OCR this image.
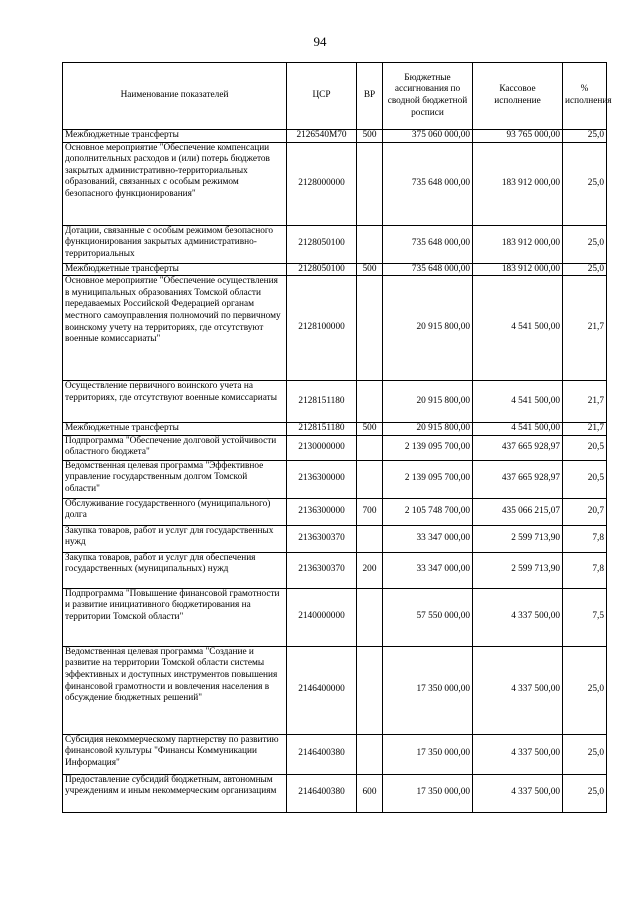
94
Наименование показателей	ЦСР	ВР	Бюджетные ассигнования по сводной бюджетной росписи	Кассовое исполнение	% исполнения
Межбюджетные трансферты	2126540М70	500	375 060 000,00	93 765 000,00	25,0
Основное мероприятие "Обеспечение компенсации дополнительных расходов и (или) потерь бюджетов закрытых административно-территориальных образований, связанных с особым режимом безопасного функционирования"	2128000000		735 648 000,00	183 912 000,00	25,0
Дотации, связанные с особым режимом безопасного функционирования закрытых административно-территориальных	2128050100		735 648 000,00	183 912 000,00	25,0
Межбюджетные трансферты	2128050100	500	735 648 000,00	183 912 000,00	25,0
Основное мероприятие "Обеспечение осуществления в муниципальных образованиях Томской области передаваемых Российской Федерацией органам местного самоуправления полномочий по первичному воинскому учету на территориях, где отсутствуют военные комиссариаты"	2128100000		20 915 800,00	4 541 500,00	21,7
Осуществление первичного воинского учета на территориях, где отсутствуют военные комиссариаты	2128151180		20 915 800,00	4 541 500,00	21,7
Межбюджетные трансферты	2128151180	500	20 915 800,00	4 541 500,00	21,7
Подпрограмма "Обеспечение долговой устойчивости областного бюджета"	2130000000		2 139 095 700,00	437 665 928,97	20,5
Ведомственная целевая программа "Эффективное управление государственным долгом Томской области"	2136300000		2 139 095 700,00	437 665 928,97	20,5
Обслуживание государственного (муниципального) долга	2136300000	700	2 105 748 700,00	435 066 215,07	20,7
Закупка товаров, работ и услуг для государственных нужд	2136300370		33 347 000,00	2 599 713,90	7,8
Закупка товаров, работ и услуг для обеспечения государственных (муниципальных) нужд	2136300370	200	33 347 000,00	2 599 713,90	7,8
Подпрограмма "Повышение финансовой грамотности и развитие инициативного бюджетирования на территории Томской области"	2140000000		57 550 000,00	4 337 500,00	7,5
Ведомственная целевая программа "Создание и развитие на территории Томской области системы эффективных и доступных инструментов повышения финансовой грамотности и вовлечения населения в обсуждение бюджетных решений"	2146400000		17 350 000,00	4 337 500,00	25,0
Субсидия некоммерческому партнерству по развитию финансовой культуры "Финансы Коммуникации Информация"	2146400380		17 350 000,00	4 337 500,00	25,0
Предоставление субсидий бюджетным, автономным учреждениям и иным некоммерческим организациям	2146400380	600	17 350 000,00	4 337 500,00	25,0
